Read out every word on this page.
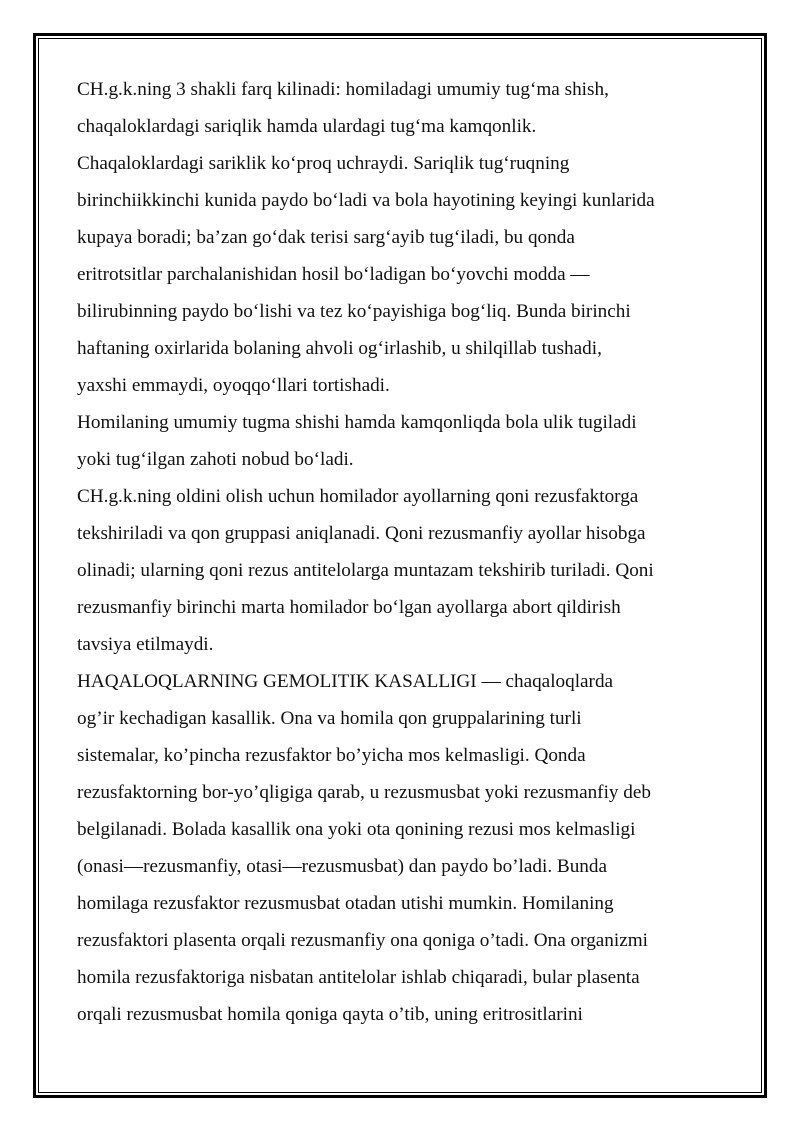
CH.g.k.ning 3 shakli farq kilinadi: homiladagi umumiy tug‘ma shish,
chaqaloklardagi sariqlik hamda ulardagi tug‘ma kamqonlik.
Chaqaloklardagi sariklik ko‘proq uchraydi. Sariqlik tug‘ruqning
birinchiikkinchi kunida paydo bo‘ladi va bola hayotining keyingi kunlarida
kupaya boradi; ba’zan go‘dak terisi sarg‘ayib tug‘iladi, bu qonda
eritrotsitlar parchalanishidan hosil bo‘ladigan bo‘yovchi modda —
bilirubinning paydo bo‘lishi va tez ko‘payishiga bog‘liq. Bunda birinchi
haftaning oxirlarida bolaning ahvoli og‘irlashib, u shilqillab tushadi,
yaxshi emmaydi, oyoqqo‘llari tortishadi.
Homilaning umumiy tugma shishi hamda kamqonliqda bola ulik tugiladi
yoki tug‘ilgan zahoti nobud bo‘ladi.
CH.g.k.ning oldini olish uchun homilador ayollarning qoni rezusfaktorga
tekshiriladi va qon gruppasi aniqlanadi. Qoni rezusmanfiy ayollar hisobga
olinadi; ularning qoni rezus antitelolarga muntazam tekshirib turiladi. Qoni
rezusmanfiy birinchi marta homilador bo‘lgan ayollarga abort qildirish
tavsiya etilmaydi.
HAQALOQLARNING GEMOLITIK KASALLIGI — chaqaloqlarda
og’ir kechadigan kasallik. Ona va homila qon gruppalarining turli
sistemalar, ko’pincha rezusfaktor bo’yicha mos kelmasligi. Qonda
rezusfaktorning bor-yo’qligiga qarab, u rezusmusbat yoki rezusmanfiy deb
belgilanadi. Bolada kasallik ona yoki ota qonining rezusi mos kelmasligi
(onasi—rezusmanfiy, otasi—rezusmusbat) dan paydo bo’ladi. Bunda
homilaga rezusfaktor rezusmusbat otadan utishi mumkin. Homilaning
rezusfaktori plasenta orqali rezusmanfiy ona qoniga o’tadi. Ona organizmi
homila rezusfaktoriga nisbatan antitelolar ishlab chiqaradi, bular plasenta
orqali rezusmusbat homila qoniga qayta o’tib, uning eritrositlarini
